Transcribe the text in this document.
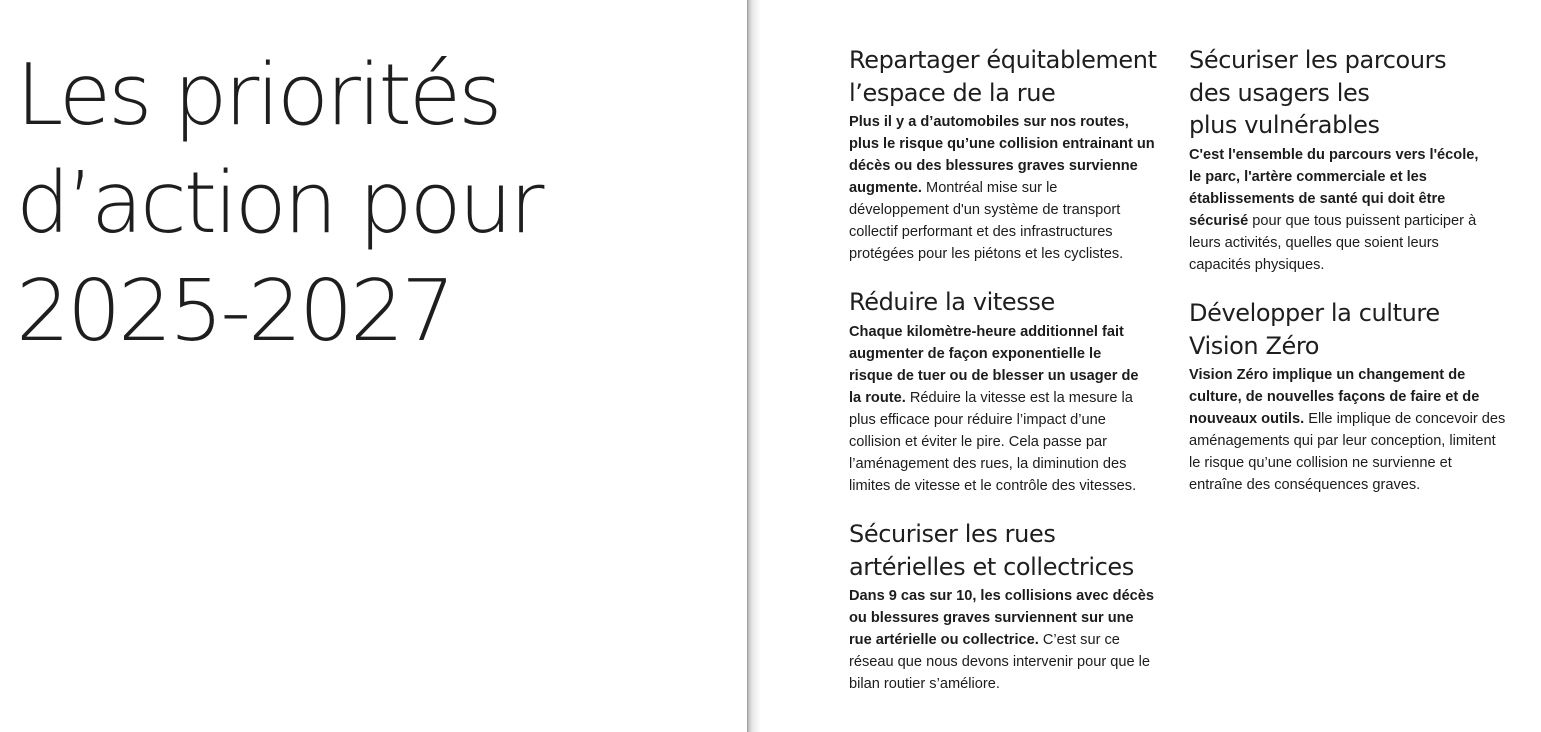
Les priorités
d’action pour
2025-2027
Repartager équitablement
l’espace de la rue

Plus il y a d’automobiles sur nos routes, plus le risque qu’une collision entrainant un décès ou des blessures graves survienne augmente. Montréal mise sur le développement d'un système de transport collectif performant et des infrastructures protégées pour les piétons et les cyclistes.

Réduire la vitesse

Chaque kilomètre-heure additionnel fait augmenter de façon exponentielle le risque de tuer ou de blesser un usager de la route. Réduire la vitesse est la mesure la plus efficace pour réduire l’impact d’une collision et éviter le pire. Cela passe par l’aménagement des rues, la diminution des limites de vitesse et le contrôle des vitesses.

Sécuriser les rues
artérielles et collectrices

Dans 9 cas sur 10, les collisions avec décès ou blessures graves surviennent sur une rue artérielle ou collectrice. C’est sur ce réseau que nous devons intervenir pour que le bilan routier s’améliore.

Sécuriser les parcours
des usagers les
plus vulnérables

C'est l'ensemble du parcours vers l'école, le parc, l'artère commerciale et les établissements de santé qui doit être sécurisé pour que tous puissent participer à leurs activités, quelles que soient leurs capacités physiques.

Développer la culture
Vision Zéro

Vision Zéro implique un changement de culture, de nouvelles façons de faire et de nouveaux outils. Elle implique de concevoir des aménagements qui par leur conception, limitent le risque qu’une collision ne survienne et entraîne des conséquences graves.
